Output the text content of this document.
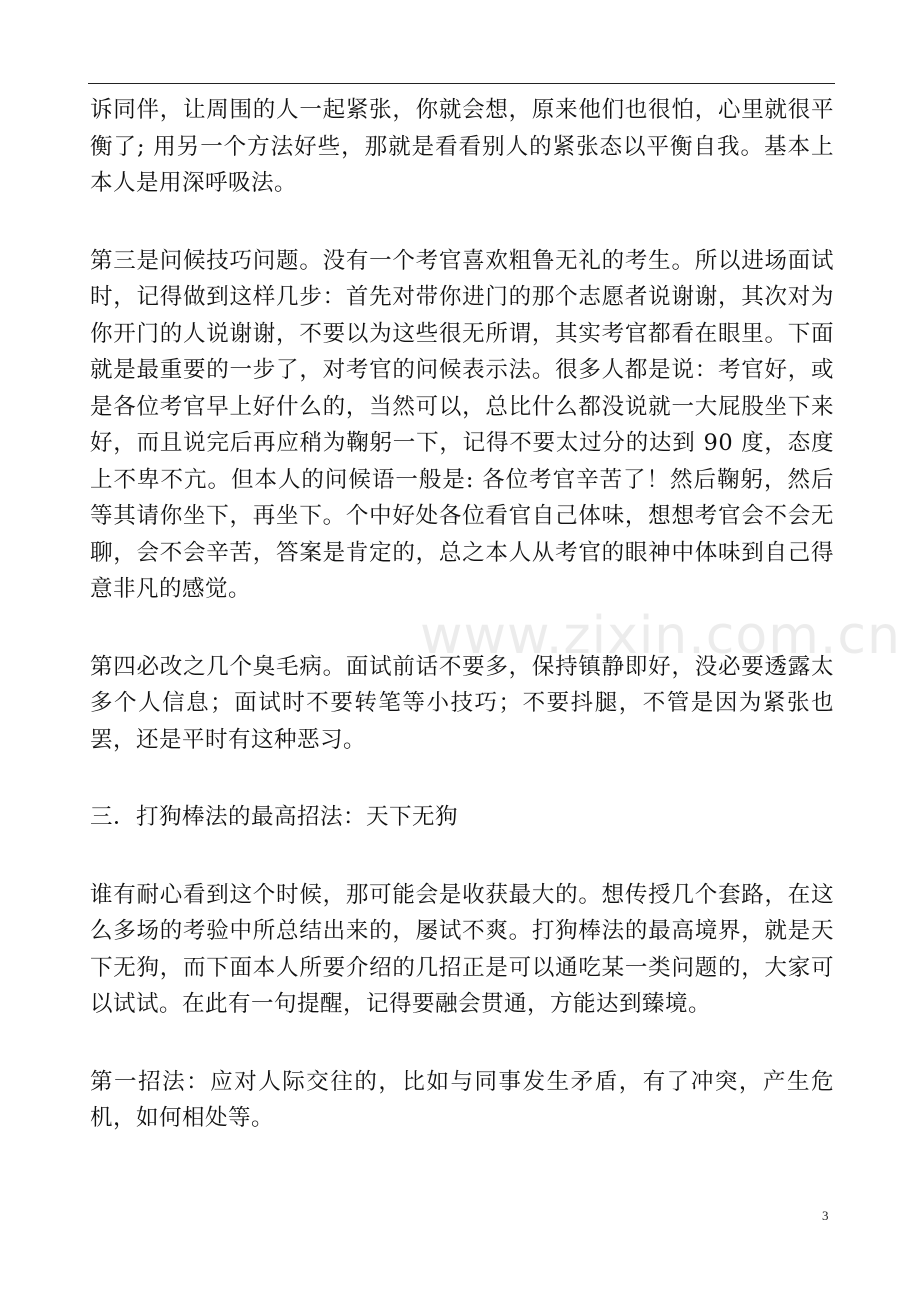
诉同伴，让周围的人一起紧张，你就会想，原来他们也很怕，心里就很平衡了; 用另一个方法好些，那就是看看别人的紧张态以平衡自我。基本上本人是用深呼吸法。

第三是问候技巧问题。没有一个考官喜欢粗鲁无礼的考生。所以进场面试时，记得做到这样几步：首先对带你进门的那个志愿者说谢谢，其次对为你开门的人说谢谢，不要以为这些很无所谓，其实考官都看在眼里。下面就是最重要的一步了，对考官的问候表示法。很多人都是说：考官好，或是各位考官早上好什么的，当然可以，总比什么都没说就一大屁股坐下来好，而且说完后再应稍为鞠躬一下，记得不要太过分的达到 90 度，态度上不卑不亢。但本人的问候语一般是: 各位考官辛苦了！然后鞠躬，然后等其请你坐下，再坐下。个中好处各位看官自己体味，想想考官会不会无聊，会不会辛苦，答案是肯定的，总之本人从考官的眼神中体味到自己得意非凡的感觉。

第四必改之几个臭毛病。面试前话不要多，保持镇静即好，没必要透露太多个人信息；面试时不要转笔等小技巧；不要抖腿，不管是因为紧张也罢，还是平时有这种恶习。

三．打狗棒法的最高招法：天下无狗

谁有耐心看到这个时候，那可能会是收获最大的。想传授几个套路，在这么多场的考验中所总结出来的，屡试不爽。打狗棒法的最高境界，就是天下无狗，而下面本人所要介绍的几招正是可以通吃某一类问题的，大家可以试试。在此有一句提醒，记得要融会贯通，方能达到臻境。

第一招法：应对人际交往的，比如与同事发生矛盾，有了冲突，产生危机，如何相处等。

www.zixin.com.cn
3
